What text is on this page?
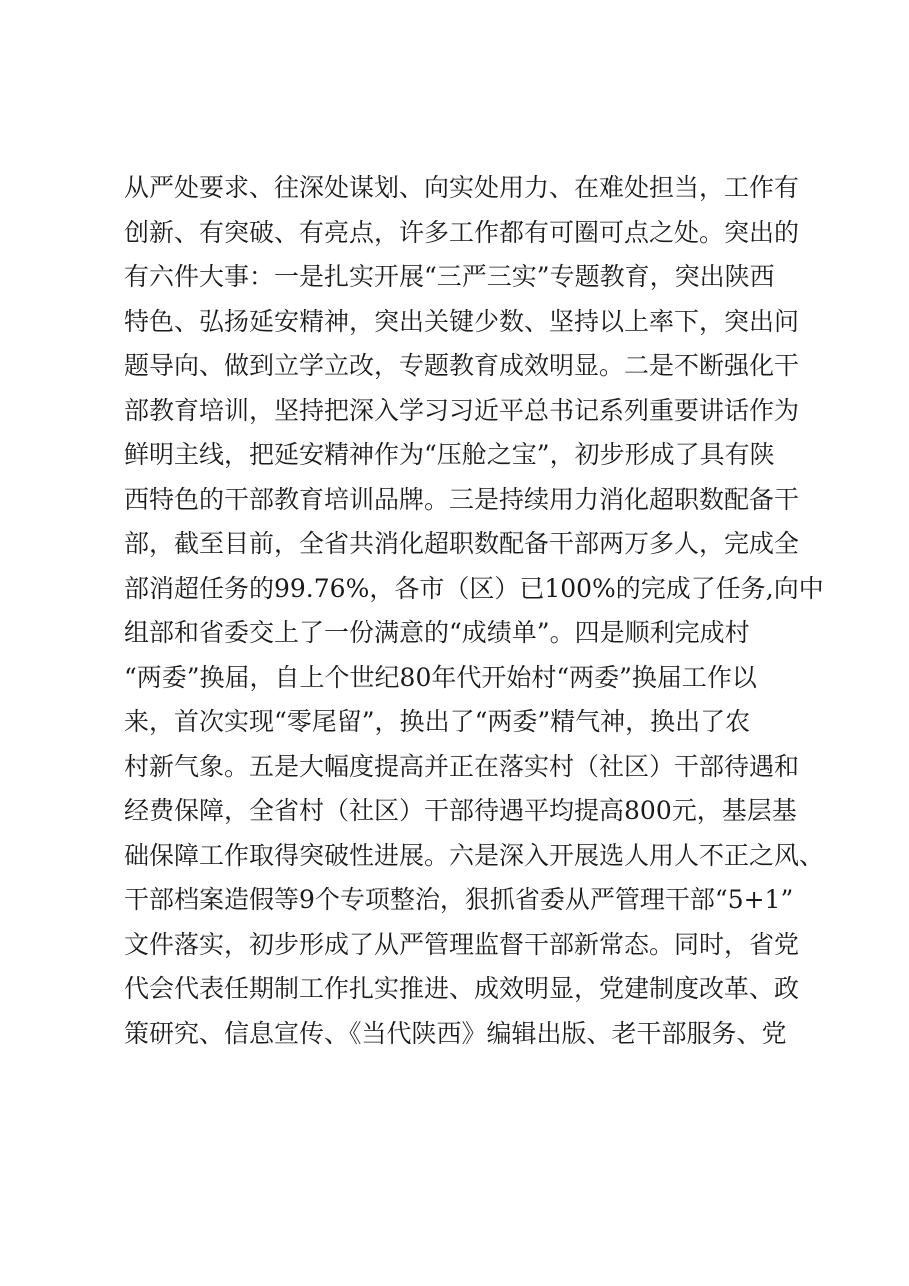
从严处要求、往深处谋划、向实处用力、在难处担当，工作有
创新、有突破、有亮点，许多工作都有可圈可点之处。突出的
有六件大事：一是扎实开展“三严三实”专题教育，突出陕西
特色、弘扬延安精神，突出关键少数、坚持以上率下，突出问
题导向、做到立学立改，专题教育成效明显。二是不断强化干
部教育培训，坚持把深入学习习近平总书记系列重要讲话作为
鲜明主线，把延安精神作为“压舱之宝”，初步形成了具有陕
西特色的干部教育培训品牌。三是持续用力消化超职数配备干
部，截至目前，全省共消化超职数配备干部两万多人，完成全
部消超任务的99.76%，各市（区）已100%的完成了任务,向中
组部和省委交上了一份满意的“成绩单”。四是顺利完成村
“两委”换届，自上个世纪80年代开始村“两委”换届工作以
来，首次实现“零尾留”，换出了“两委”精气神，换出了农
村新气象。五是大幅度提高并正在落实村（社区）干部待遇和
经费保障，全省村（社区）干部待遇平均提高800元，基层基
础保障工作取得突破性进展。六是深入开展选人用人不正之风、
干部档案造假等9个专项整治，狠抓省委从严管理干部“5+1”
文件落实，初步形成了从严管理监督干部新常态。同时，省党
代会代表任期制工作扎实推进、成效明显，党建制度改革、政
策研究、信息宣传、《当代陕西》编辑出版、老干部服务、党
